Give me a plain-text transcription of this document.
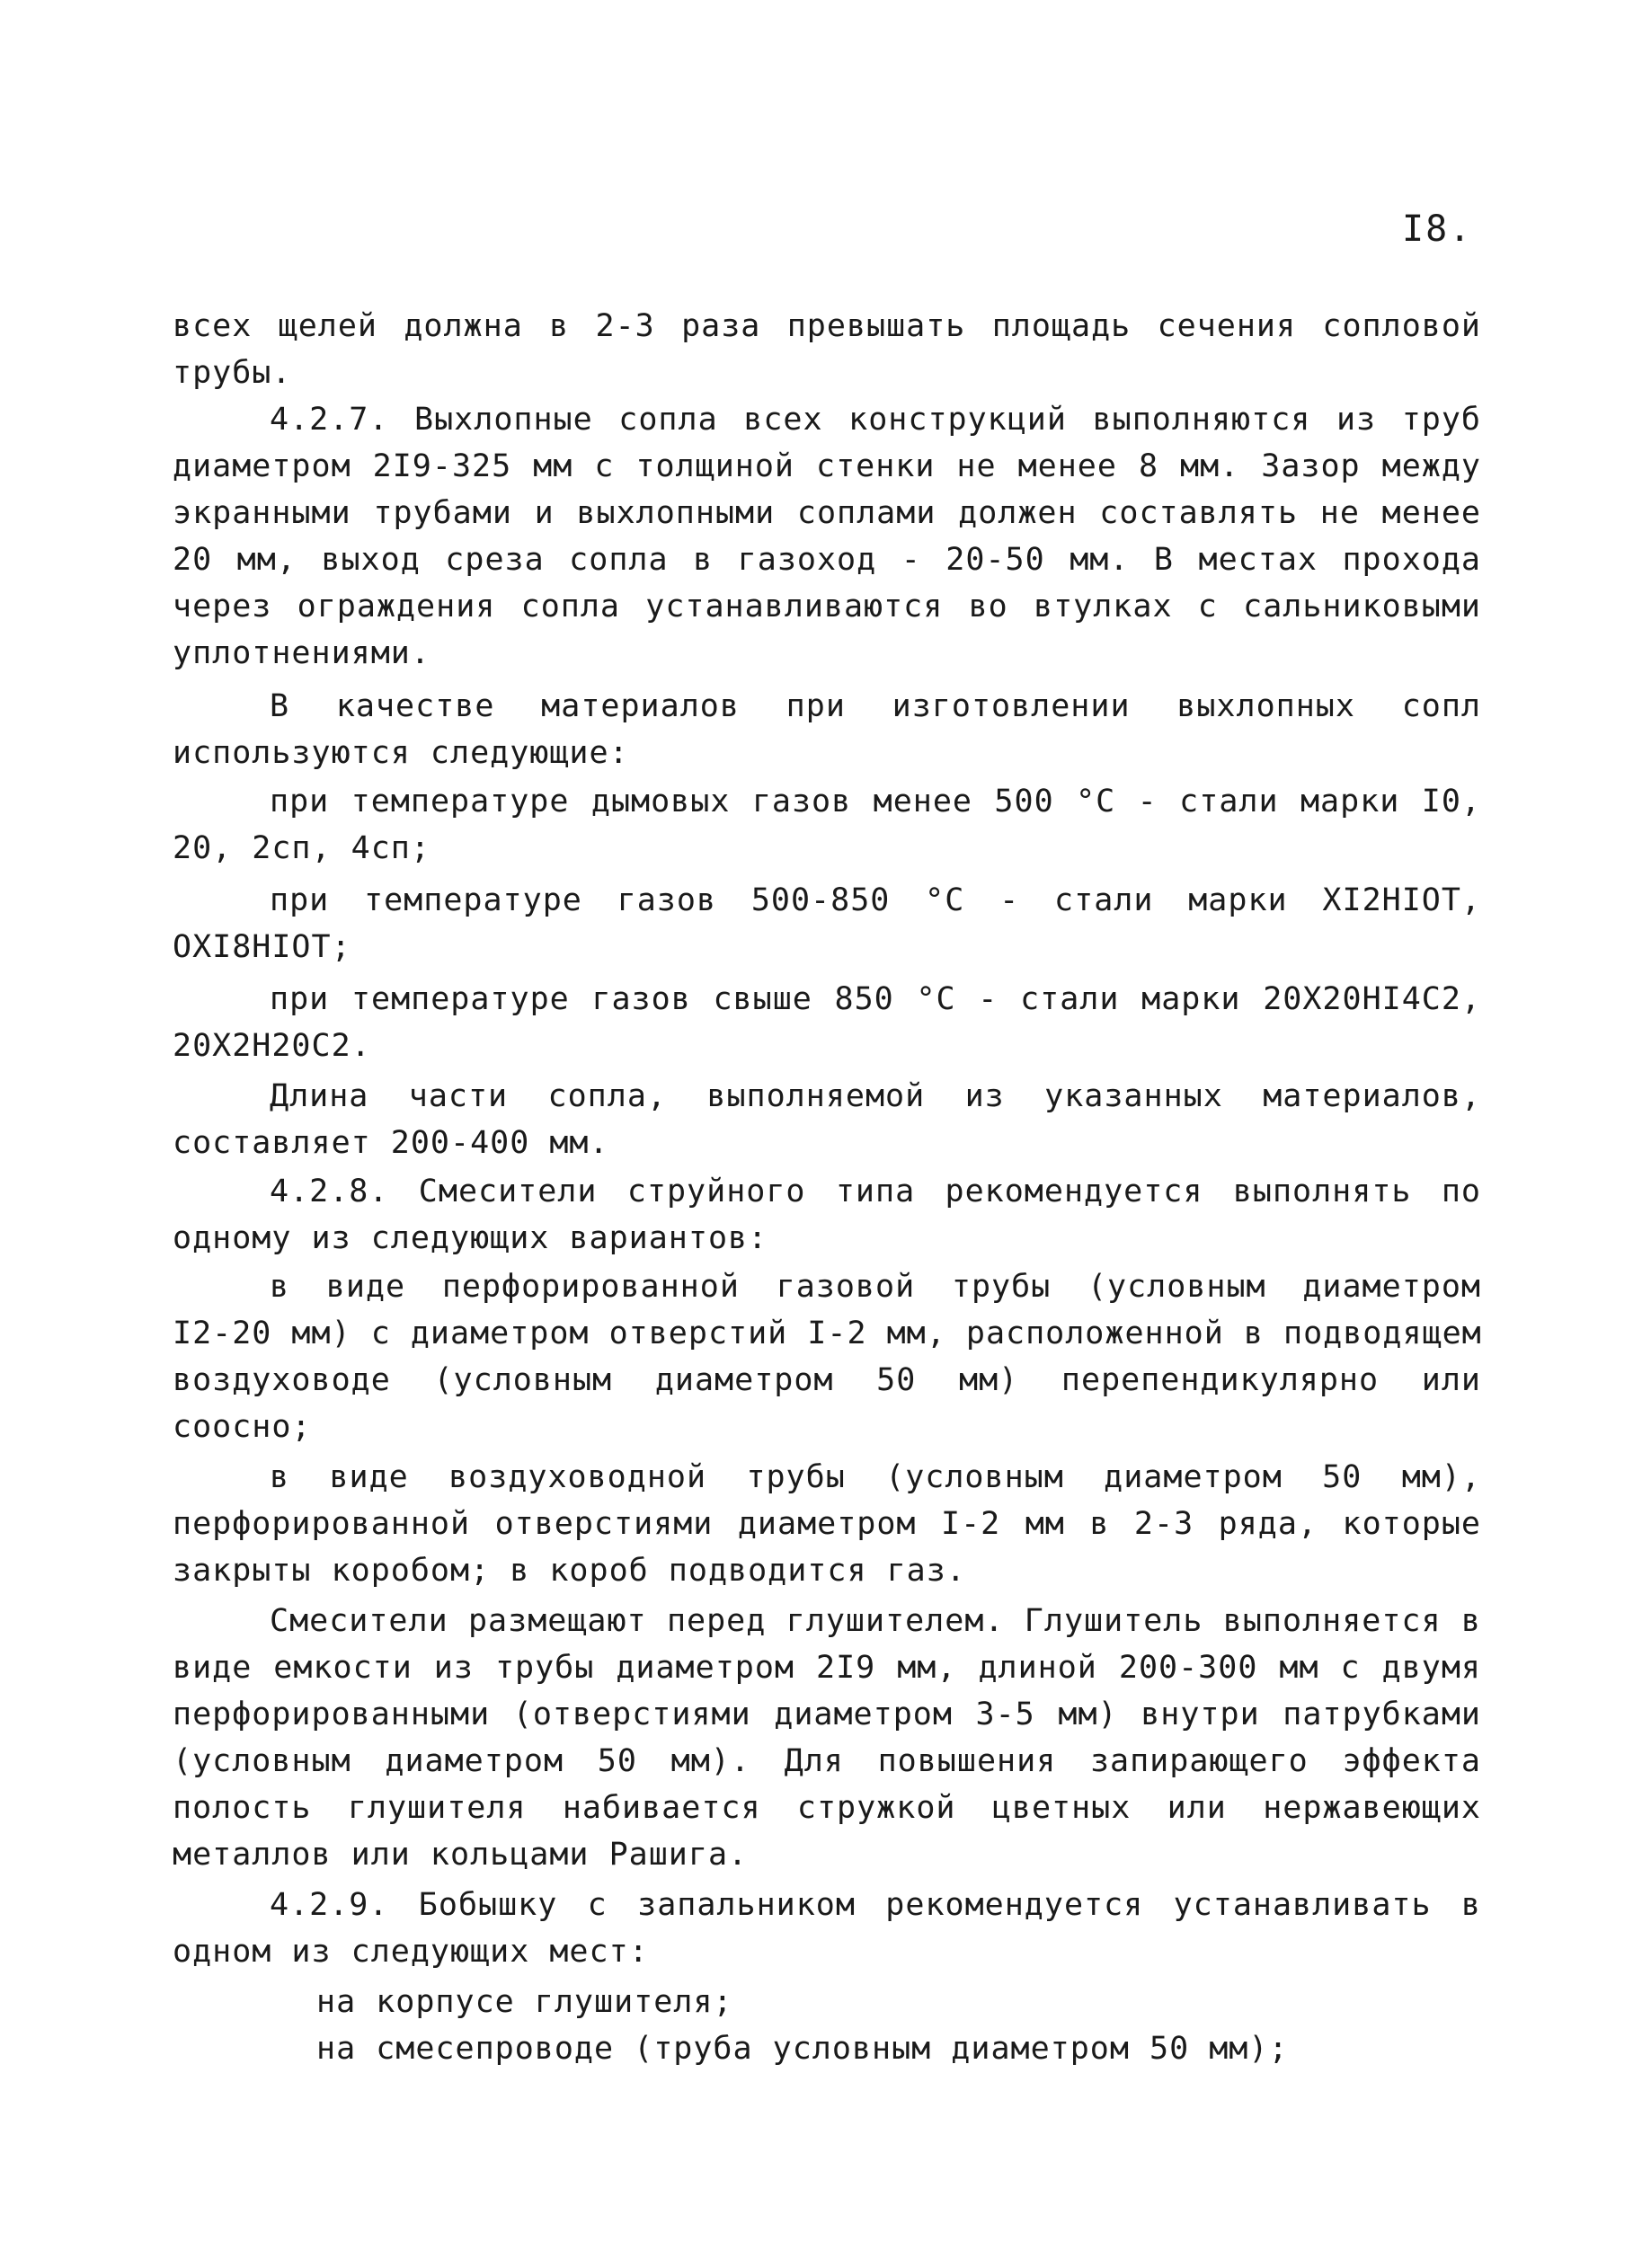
I8.
всех щелей должна в 2-3 раза превышать площадь сечения сопловой
трубы.
4.2.7. Выхлопные сопла всех конструкций выполняются из труб
диаметром 2I9-325 мм с толщиной стенки не менее 8 мм. Зазор между
экранными трубами и выхлопными соплами должен составлять не менее
20 мм, выход среза сопла в газоход - 20-50 мм. В местах прохода
через ограждения сопла устанавливаются во втулках с сальниковыми
уплотнениями.
В качестве материалов при изготовлении выхлопных сопл
используются следующие:
при температуре дымовых газов менее 500 °С - стали марки I0,
20, 2сп, 4сп;
при температуре газов 500-850 °С - стали марки XI2HIOT,
OXI8HIOT;
при температуре газов свыше 850 °С - стали марки 20X20HI4C2,
20X2H20C2.
Длина части сопла, выполняемой из указанных материалов,
составляет 200-400 мм.
4.2.8. Смесители струйного типа рекомендуется выполнять по
одному из следующих вариантов:
в виде перфорированной газовой трубы (условным диаметром
I2-20 мм) с диаметром отверстий I-2 мм, расположенной в подводящем
воздуховоде (условным диаметром 50 мм) перепендикулярно или
соосно;
в виде воздуховодной трубы (условным диаметром 50 мм),
перфорированной отверстиями диаметром I-2 мм в 2-3 ряда, которые
закрыты коробом; в короб подводится газ.
Смесители размещают перед глушителем. Глушитель выполняется в
виде емкости из трубы диаметром 2I9 мм, длиной 200-300 мм с двумя
перфорированными (отверстиями диаметром 3-5 мм) внутри патрубками
(условным диаметром 50 мм). Для повышения запирающего эффекта
полость глушителя набивается стружкой цветных или нержавеющих
металлов или кольцами Рашига.
4.2.9. Бобышку с запальником рекомендуется устанавливать в
одном из следующих мест:
на корпусе глушителя;
на смесепроводе (труба условным диаметром 50 мм);
